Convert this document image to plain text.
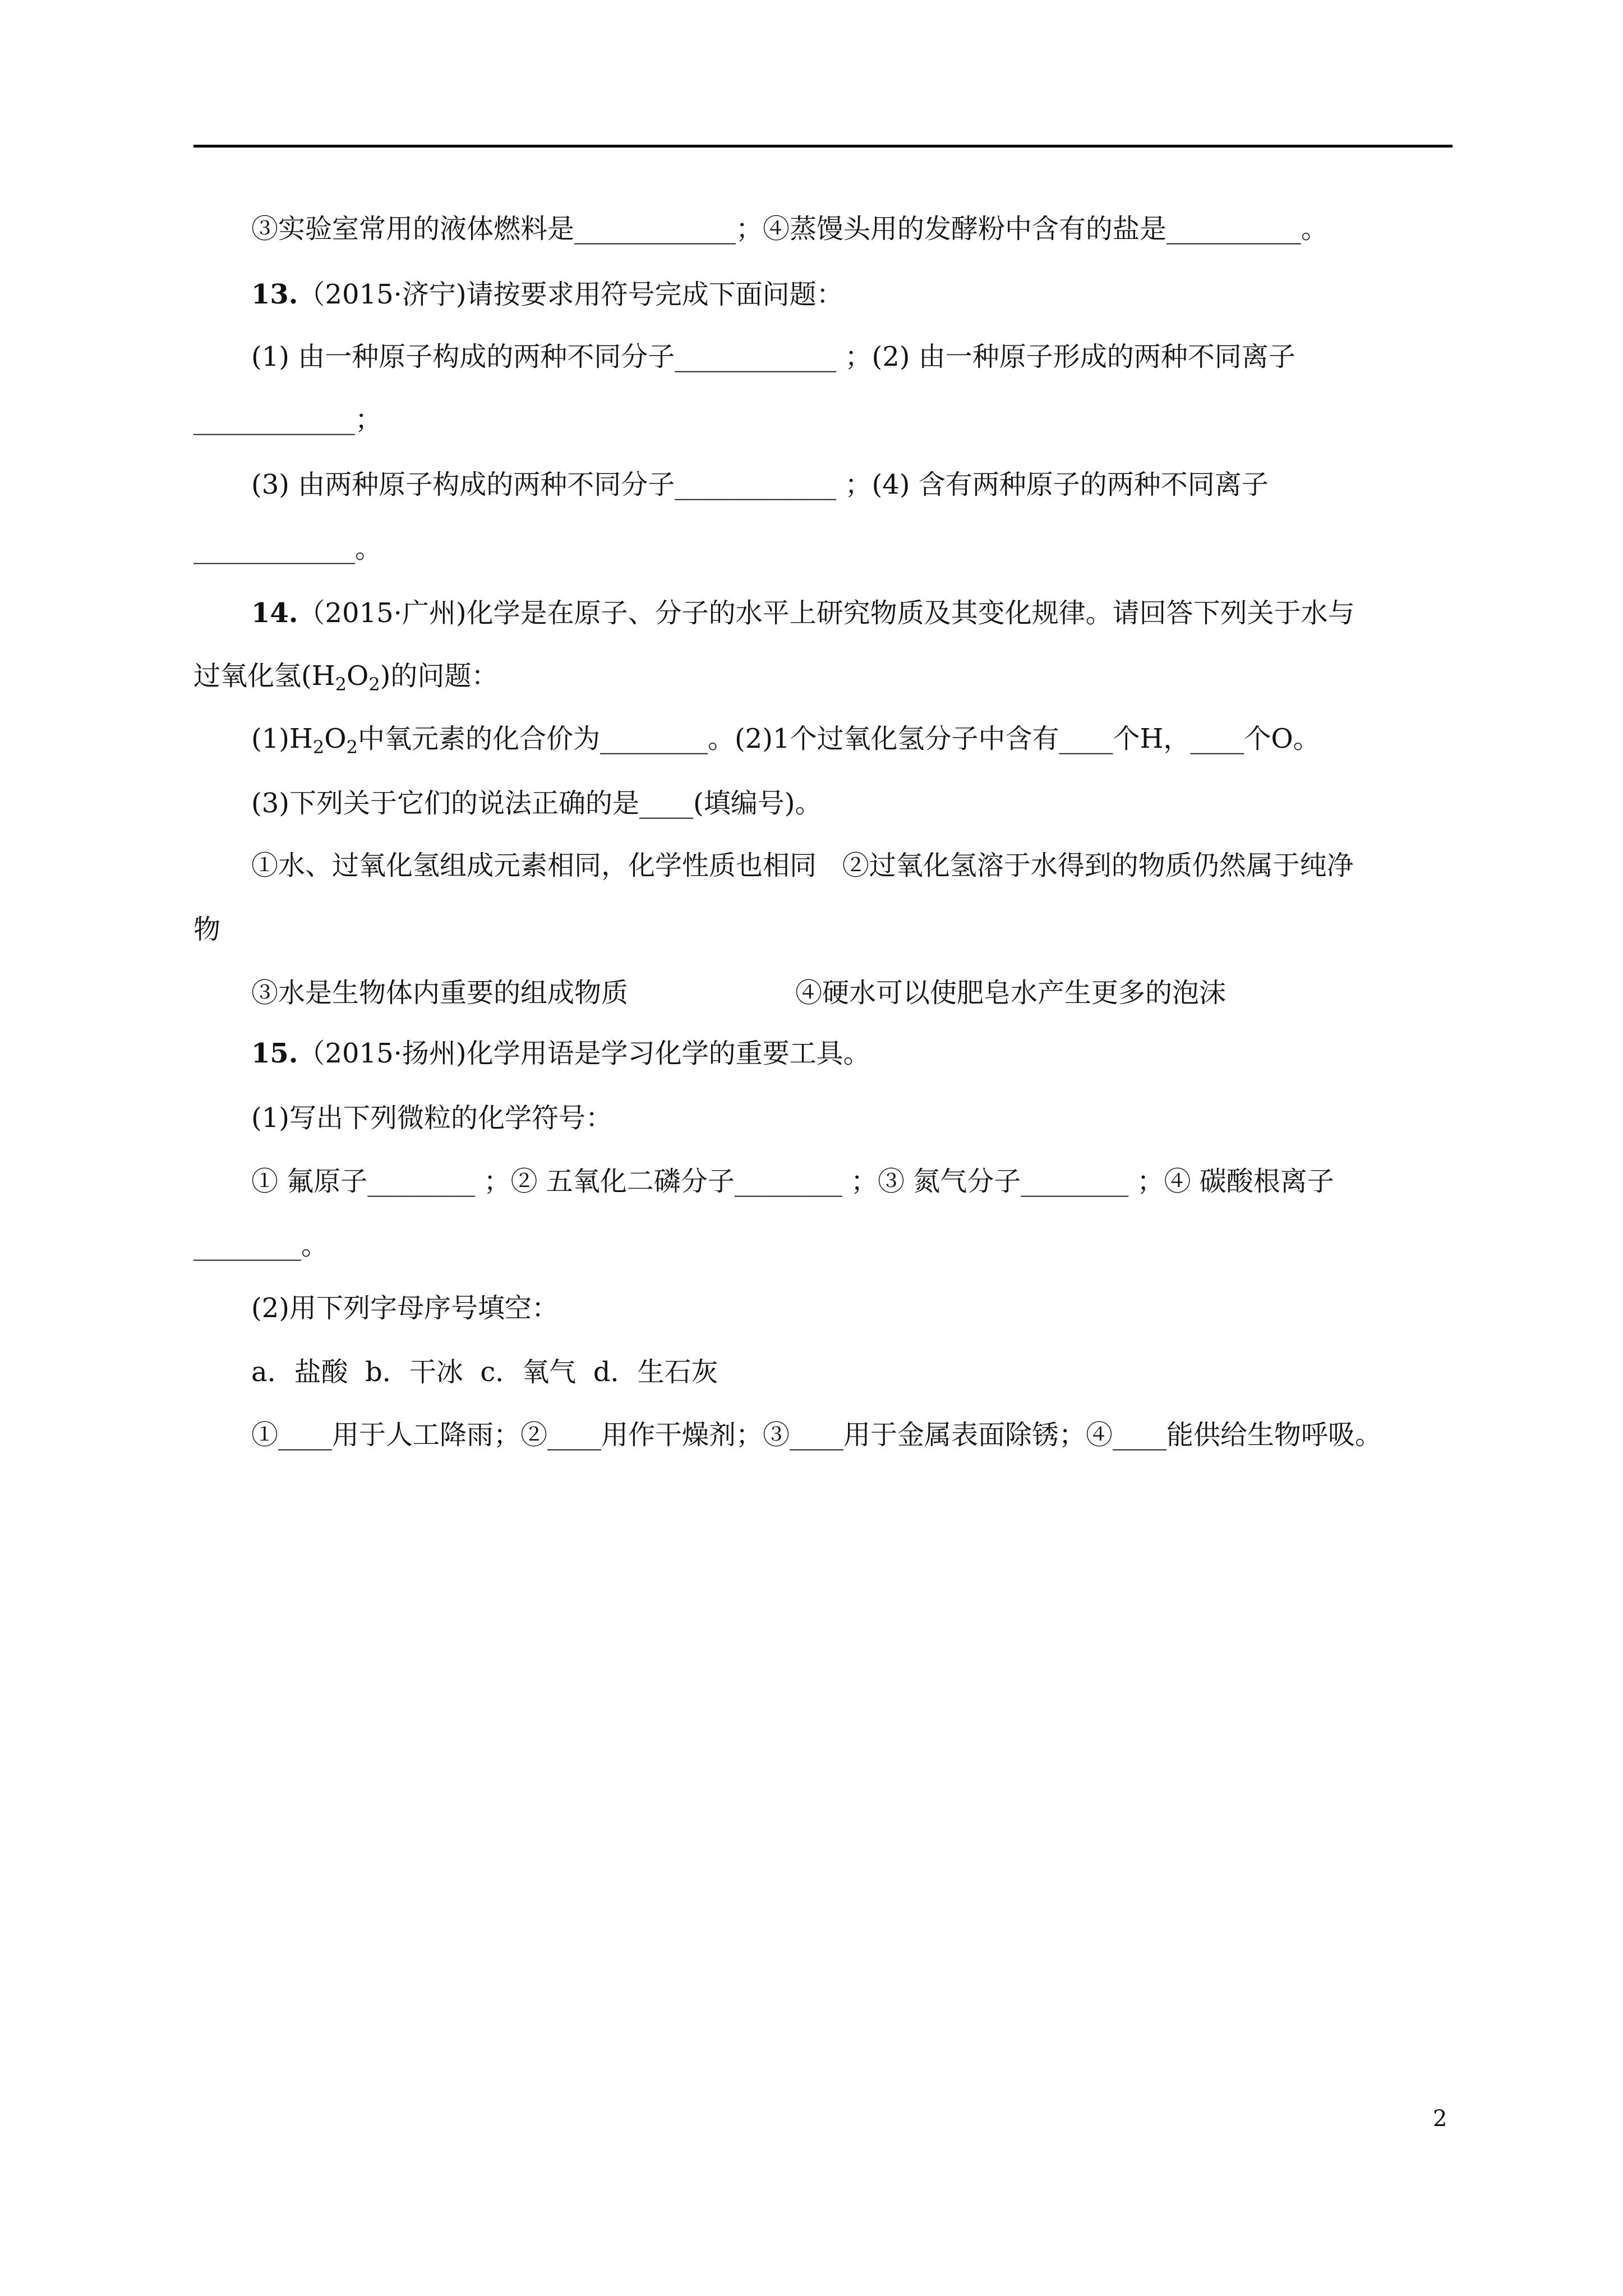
③实验室常用的液体燃料是____________；④蒸馒头用的发酵粉中含有的盐是__________。
13.（2015·济宁)请按要求用符号完成下面问题：
(1) 由一种原子构成的两种不同分子____________ ；(2) 由一种原子形成的两种不同离子
____________；
(3) 由两种原子构成的两种不同分子____________ ；(4) 含有两种原子的两种不同离子
____________。
14.（2015·广州)化学是在原子、分子的水平上研究物质及其变化规律。请回答下列关于水与
过氧化氢$(H_2O_2)$的问题：
$(1)H_2O_2$中氧元素的化合价为________。(2)1个过氧化氢分子中含有____个H，____个O。
(3)下列关于它们的说法正确的是____(填编号)。
①水、过氧化氢组成元素相同，化学性质也相同   ②过氧化氢溶于水得到的物质仍然属于纯净
物
③水是生物体内重要的组成物质	④硬水可以使肥皂水产生更多的泡沫
15.（2015·扬州)化学用语是学习化学的重要工具。
(1)写出下列微粒的化学符号：
① 氟原子________ ；② 五氧化二磷分子________ ；③ 氮气分子________ ；④ 碳酸根离子
________。
(2)用下列字母序号填空：
a．盐酸  b．干冰  c．氧气  d．生石灰
①____用于人工降雨；②____用作干燥剂；③____用于金属表面除锈；④____能供给生物呼吸。
2
